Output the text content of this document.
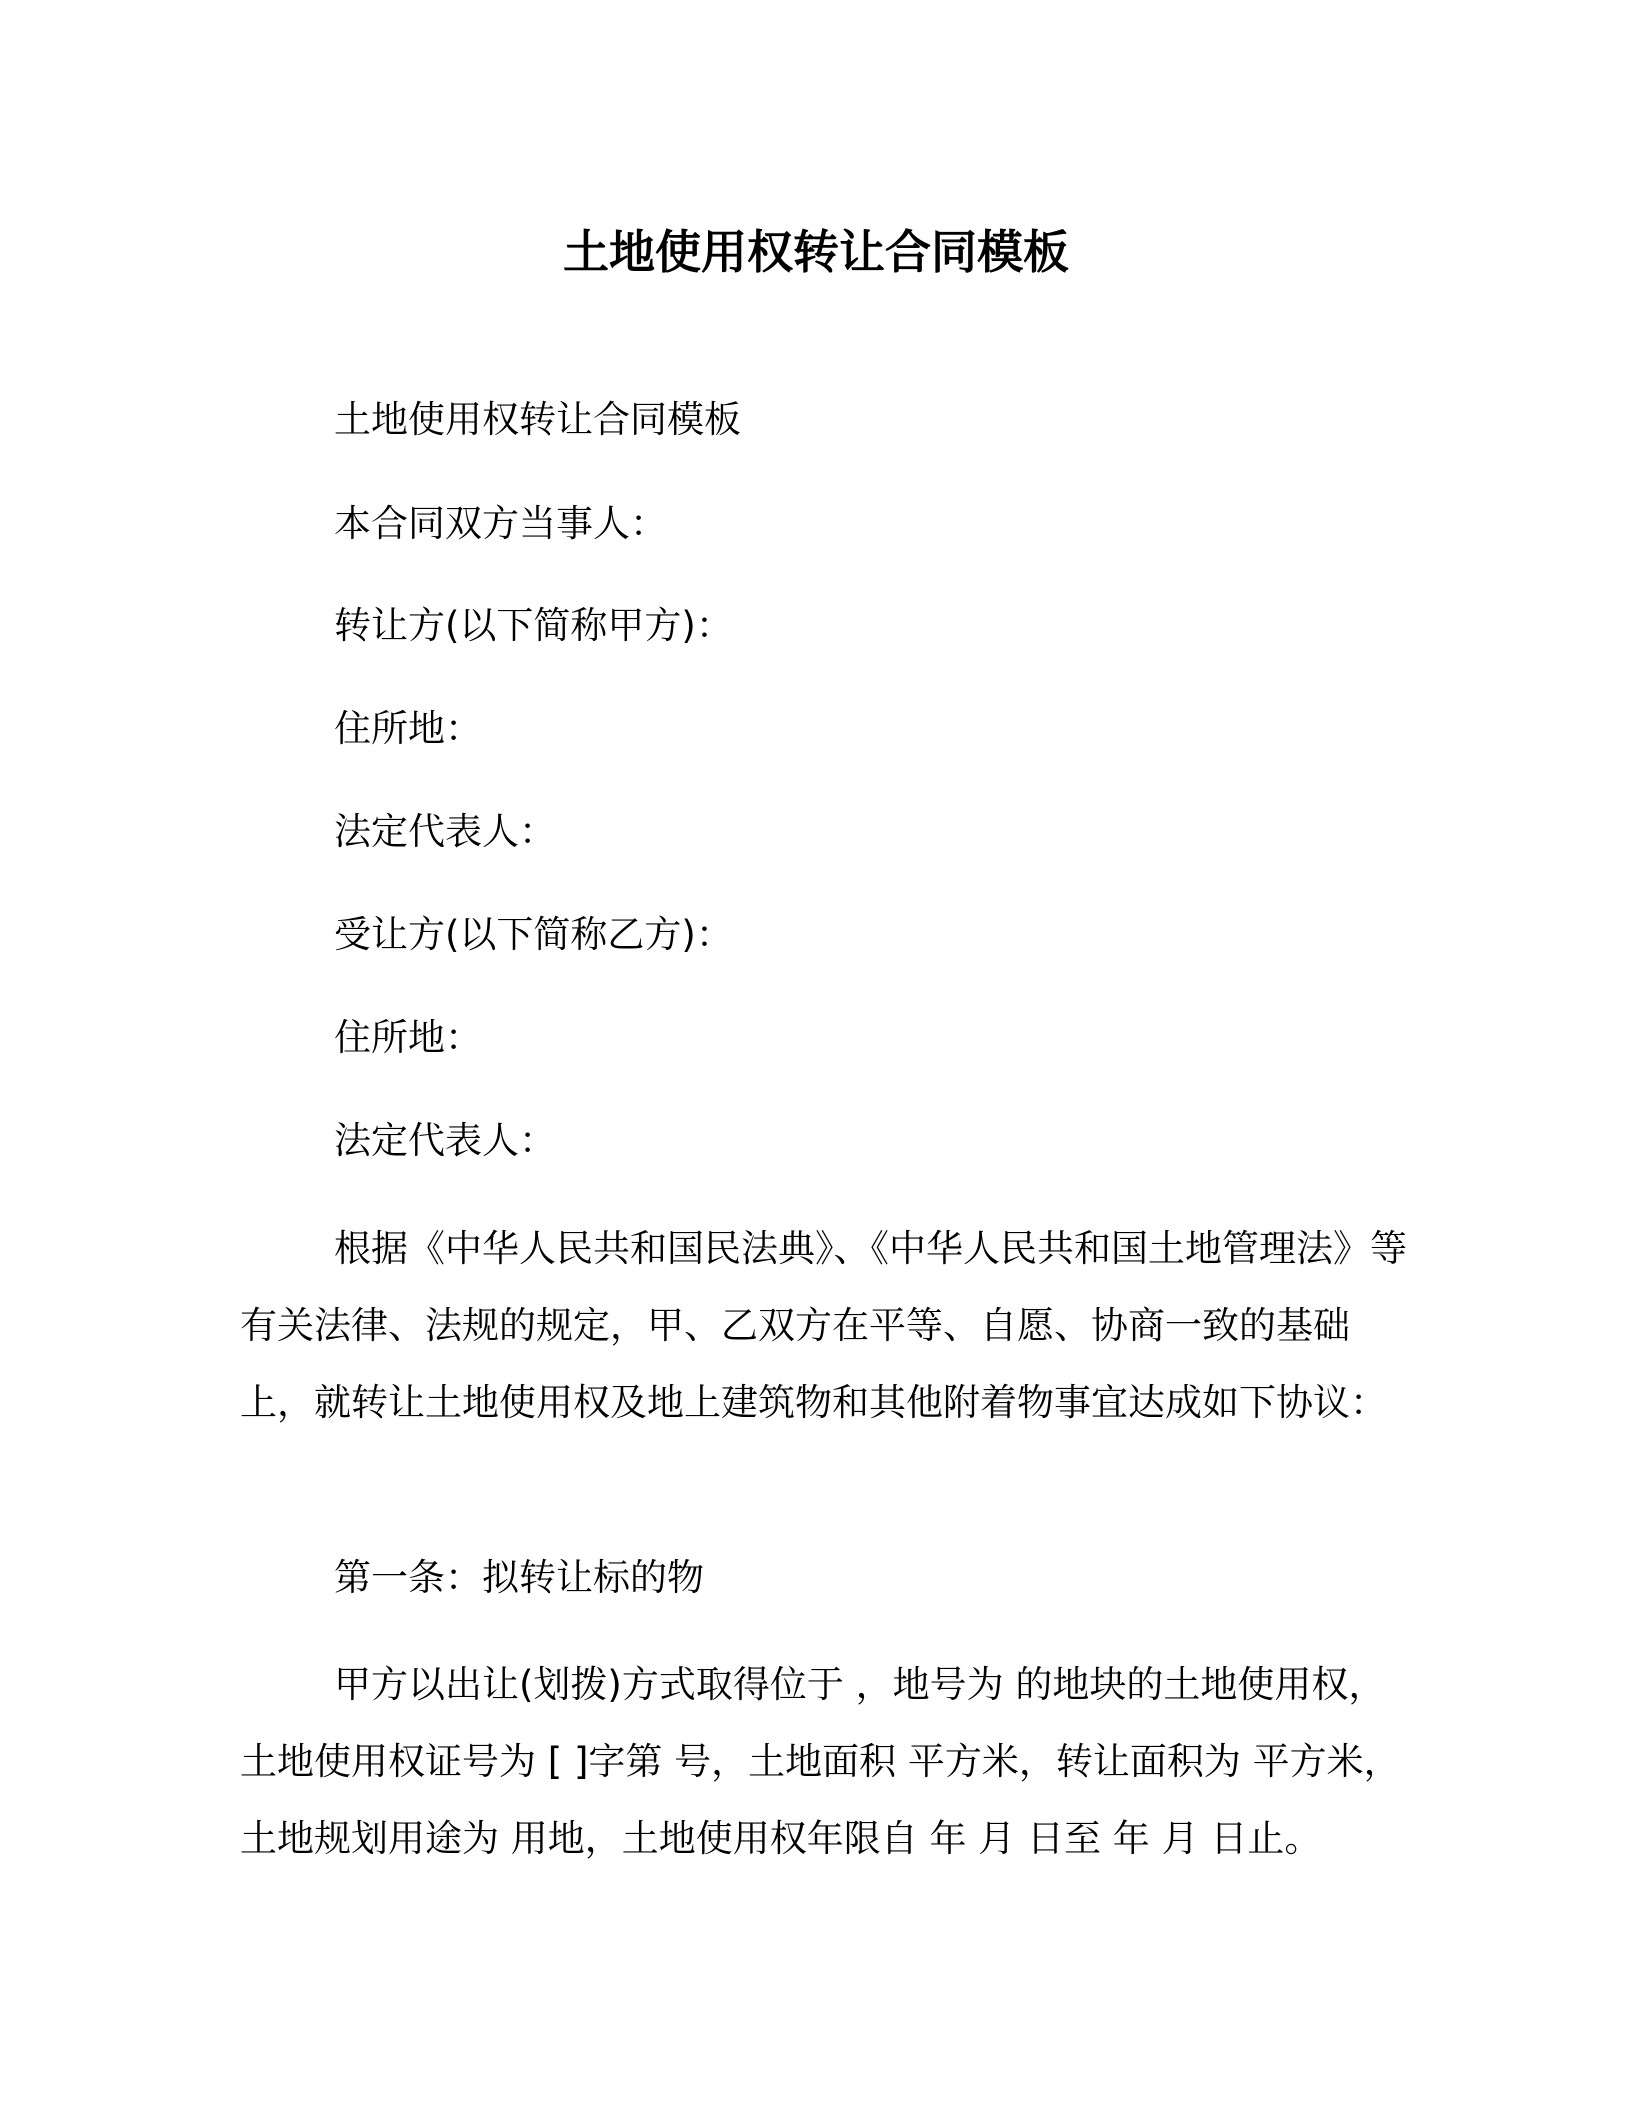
土地使用权转让合同模板
土地使用权转让合同模板
本合同双方当事人：
转让方(以下简称甲方)：
住所地：
法定代表人：
受让方(以下简称乙方)：
住所地：
法定代表人：
根据《中华人民共和国民法典》、《中华人民共和国土地管理法》等有关法律、法规的规定，甲、乙双方在平等、自愿、协商一致的基础上，就转让土地使用权及地上建筑物和其他附着物事宜达成如下协议：
第一条：拟转让标的物
甲方以出让(划拨)方式取得位于 ，地号为 的地块的土地使用权，土地使用权证号为 [ ]字第 号，土地面积 平方米，转让面积为 平方米，土地规划用途为 用地，土地使用权年限自 年 月 日至 年 月 日止。
